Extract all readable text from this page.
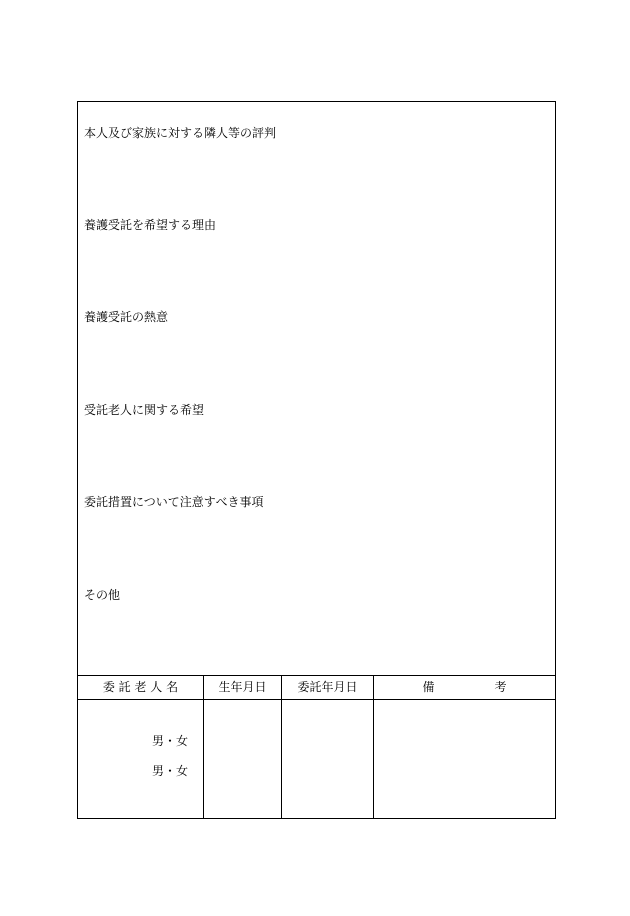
本人及び家族に対する隣人等の評判
養護受託を希望する理由
養護受託の熱意
受託老人に関する希望
委託措置について注意すべき事項
その他
委 託 老 人 名	生年月日	委託年月日	備　　　　　考
男・女
男・女
